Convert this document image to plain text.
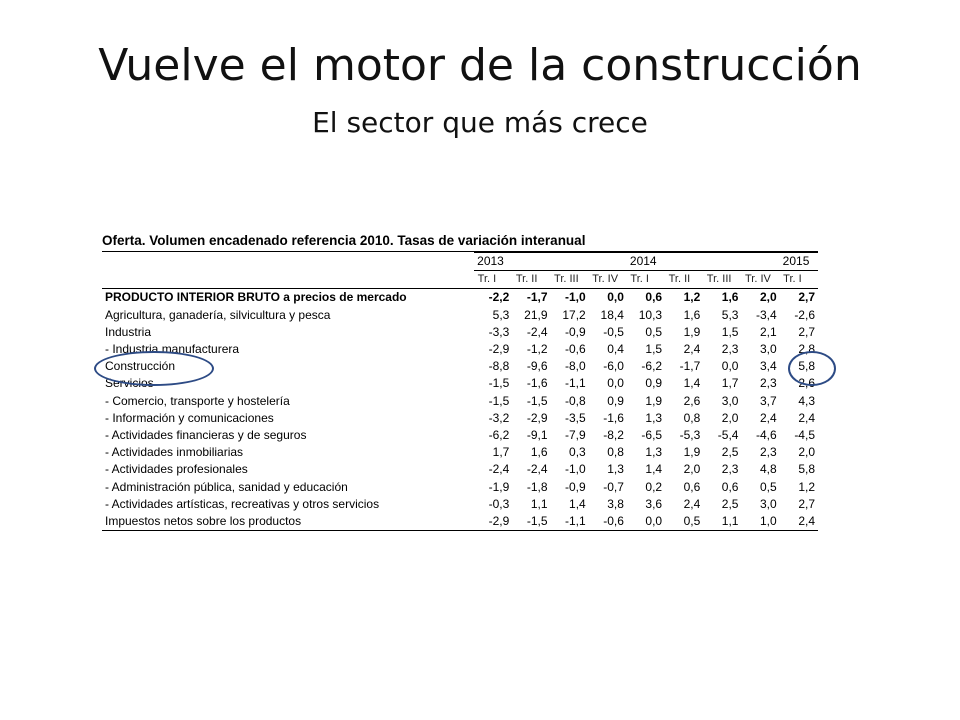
Vuelve el motor de la construcción
El sector que más crece
Oferta. Volumen encadenado referencia 2010. Tasas de variación interanual
	2013				2014				2015
	Tr. I	Tr. II	Tr. III	Tr. IV	Tr. I	Tr. II	Tr. III	Tr. IV	Tr. I
PRODUCTO INTERIOR BRUTO a precios de mercado	-2,2	-1,7	-1,0	0,0	0,6	1,2	1,6	2,0	2,7
Agricultura, ganadería, silvicultura y pesca	5,3	21,9	17,2	18,4	10,3	1,6	5,3	-3,4	-2,6
Industria	-3,3	-2,4	-0,9	-0,5	0,5	1,9	1,5	2,1	2,7
- Industria manufacturera	-2,9	-1,2	-0,6	0,4	1,5	2,4	2,3	3,0	2,8
Construcción	-8,8	-9,6	-8,0	-6,0	-6,2	-1,7	0,0	3,4	5,8
Servicios	-1,5	-1,6	-1,1	0,0	0,9	1,4	1,7	2,3	2,6
- Comercio, transporte y hostelería	-1,5	-1,5	-0,8	0,9	1,9	2,6	3,0	3,7	4,3
- Información y comunicaciones	-3,2	-2,9	-3,5	-1,6	1,3	0,8	2,0	2,4	2,4
- Actividades financieras y de seguros	-6,2	-9,1	-7,9	-8,2	-6,5	-5,3	-5,4	-4,6	-4,5
- Actividades inmobiliarias	1,7	1,6	0,3	0,8	1,3	1,9	2,5	2,3	2,0
- Actividades profesionales	-2,4	-2,4	-1,0	1,3	1,4	2,0	2,3	4,8	5,8
- Administración pública, sanidad y educación	-1,9	-1,8	-0,9	-0,7	0,2	0,6	0,6	0,5	1,2
- Actividades artísticas, recreativas y otros servicios	-0,3	1,1	1,4	3,8	3,6	2,4	2,5	3,0	2,7
Impuestos netos sobre los productos	-2,9	-1,5	-1,1	-0,6	0,0	0,5	1,1	1,0	2,4
